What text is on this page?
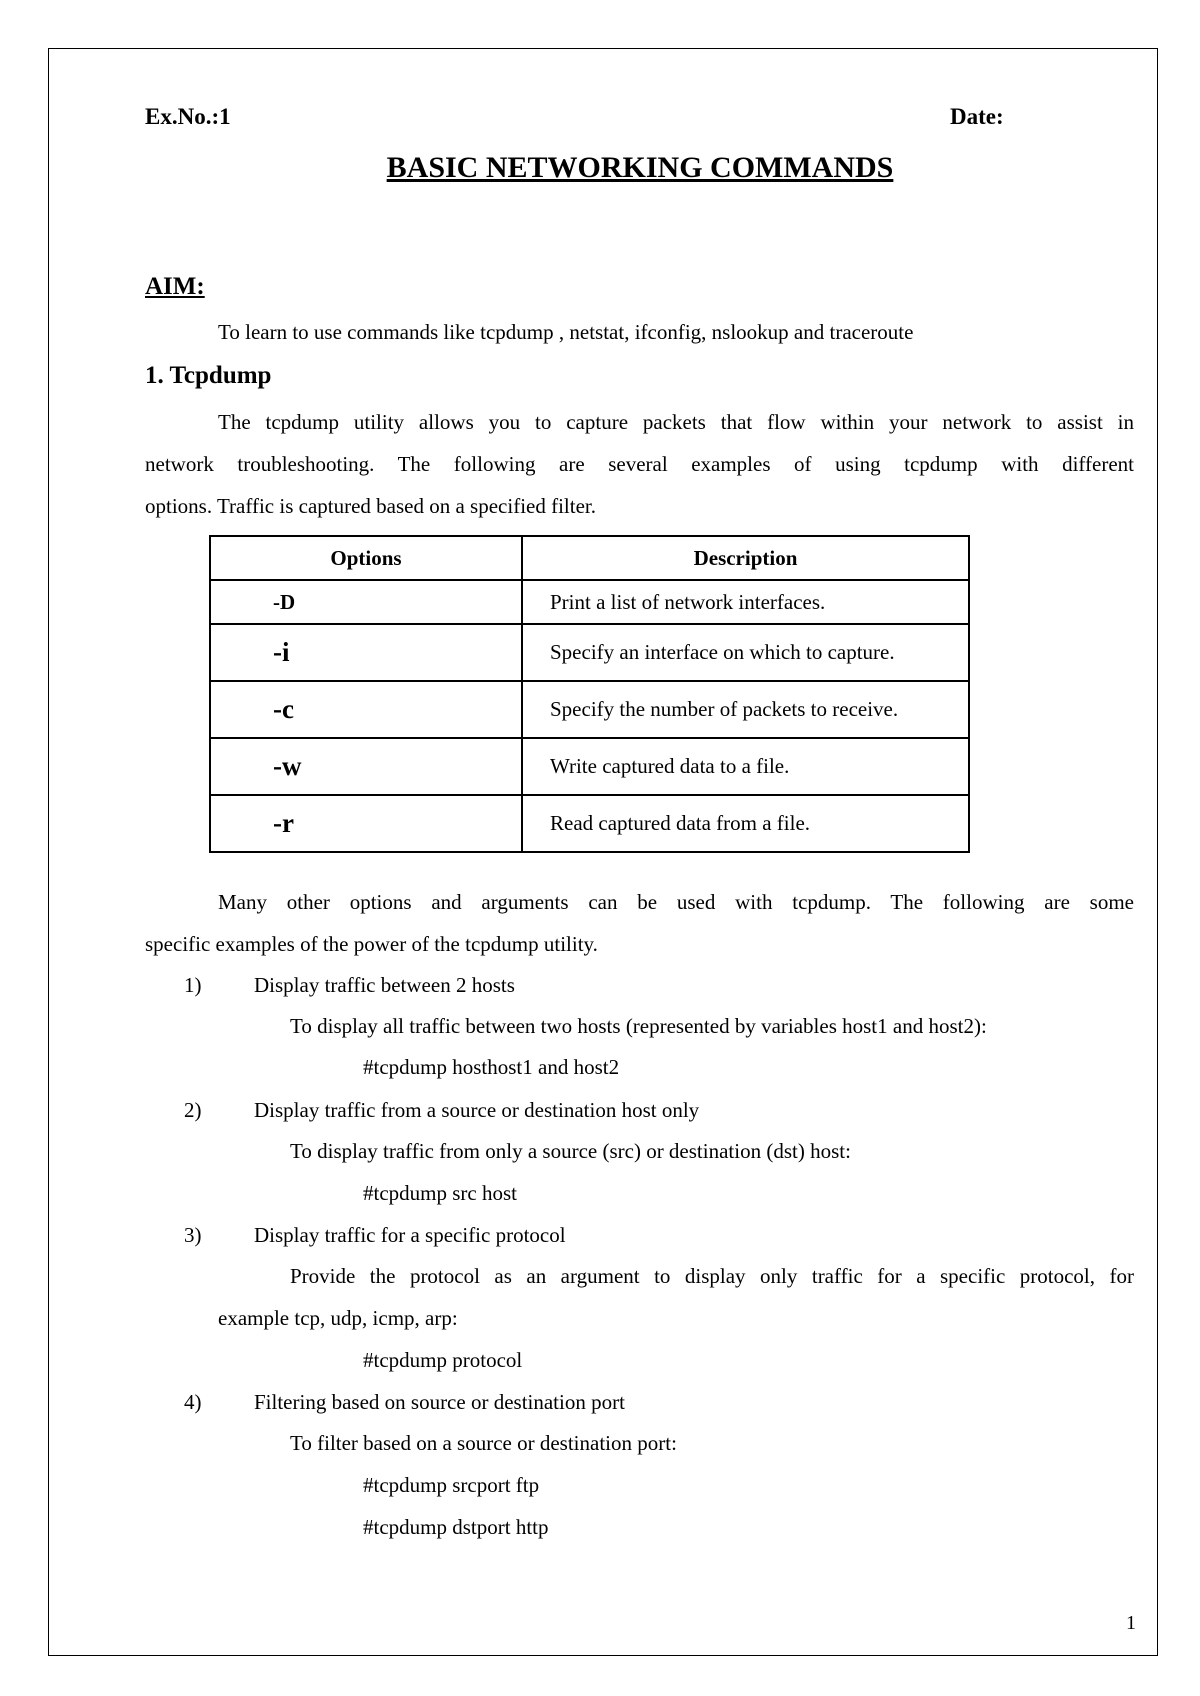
Ex.No.:1	Date:
BASIC NETWORKING COMMANDS
AIM:
To learn to use commands like tcpdump , netstat, ifconfig, nslookup and traceroute
1. Tcpdump
The tcpdump utility allows you to capture packets that flow within your network to assist in
network troubleshooting. The following are several examples of using tcpdump with different
options. Traffic is captured based on a specified filter.
Options	Description
-D	Print a list of network interfaces.
-i	Specify an interface on which to capture.
-c	Specify the number of packets to receive.
-w	Write captured data to a file.
-r	Read captured data from a file.
Many other options and arguments can be used with tcpdump. The following are some
specific examples of the power of the tcpdump utility.
1)	Display traffic between 2 hosts
To display all traffic between two hosts (represented by variables host1 and host2):
#tcpdump hosthost1 and host2
2)	Display traffic from a source or destination host only
To display traffic from only a source (src) or destination (dst) host:
#tcpdump src host
3)	Display traffic for a specific protocol
Provide the protocol as an argument to display only traffic for a specific protocol, for
example tcp, udp, icmp, arp:
#tcpdump protocol
4)	Filtering based on source or destination port
To filter based on a source or destination port:
#tcpdump srcport ftp
#tcpdump dstport http
1
